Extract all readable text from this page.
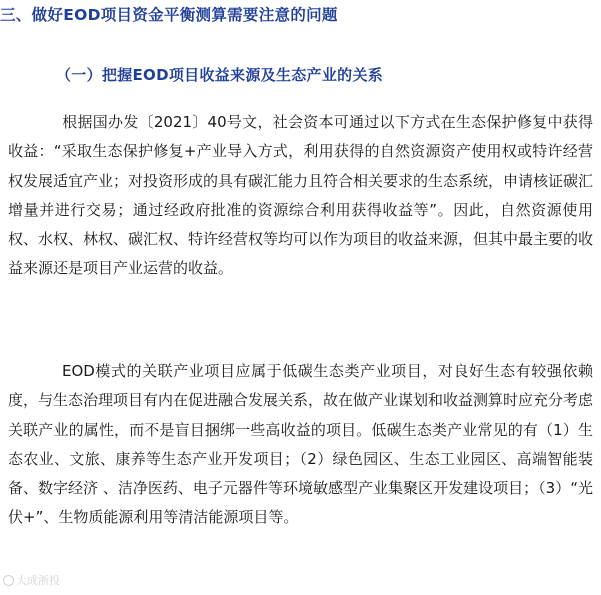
三、做好EOD项目资金平衡测算需要注意的问题
（一）把握EOD项目收益来源及生态产业的关系
根据国办发〔2021〕40号文，社会资本可通过以下方式在生态保护修复中获得收益：“采取生态保护修复+产业导入方式，利用获得的自然资源资产使用权或特许经营权发展适宜产业；对投资形成的具有碳汇能力且符合相关要求的生态系统，申请核证碳汇增量并进行交易；通过经政府批准的资源综合利用获得收益等”。因此，自然资源使用权、水权、林权、碳汇权、特许经营权等均可以作为项目的收益来源，但其中最主要的收益来源还是项目产业运营的收益。
EOD模式的关联产业项目应属于低碳生态类产业项目，对良好生态有较强依赖度，与生态治理项目有内在促进融合发展关系，故在做产业谋划和收益测算时应充分考虑关联产业的属性，而不是盲目捆绑一些高收益的项目。低碳生态类产业常见的有（1）生态农业、文旅、康养等生态产业开发项目；（2）绿色园区、生态工业园区、高端智能装备、数字经济 、洁净医药、电子元器件等环境敏感型产业集聚区开发建设项目；（3）“光伏+”、生物质能源利用等清洁能源项目等。
大成浙投
